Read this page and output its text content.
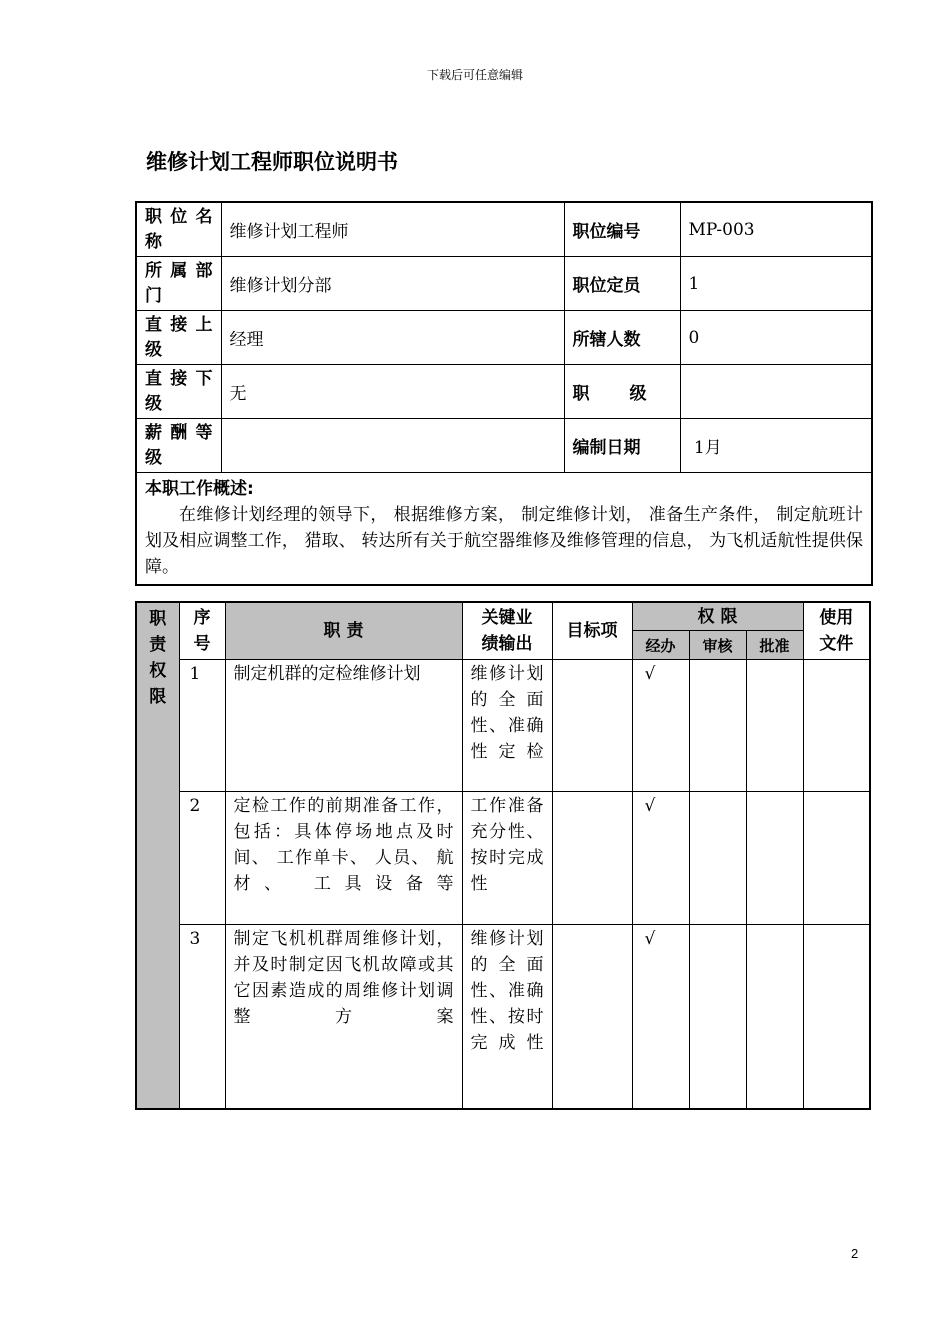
下载后可任意编辑
维修计划工程师职位说明书
职位名称	维修计划工程师	职位编号	MP-003

所属部门	维修计划分部	职位定员	1

直接上级	经理	所辖人数	0

直接下级	无	职 级	

薪酬等级		编制日期	1月

本职工作概述:
在维修计划经理的领导下， 根据维修方案， 制定维修计划， 准备生产条件， 制定航班计划及相应调整工作， 猎取、 转达所有关于航空器维修及维修管理的信息， 为飞机适航性提供保障。			
职责权限	序号	职 责	关键业绩输出	目标项	权 限			使用文件

					经办	审核	批准	
	1	制定机群的定检维修计划	维修计划的全面性、准确性定检		√			
	2	定检工作的前期准备工作，包括：具体停场地点及时间、 工作单卡、 人员、 航材、 工具设备等	工作准备充分性、按时完成性		√			
	3	制定飞机机群周维修计划，并及时制定因飞机故障或其它因素造成的周维修计划调整方案	维修计划的全面性、准确性、按时完成性		√			
2
